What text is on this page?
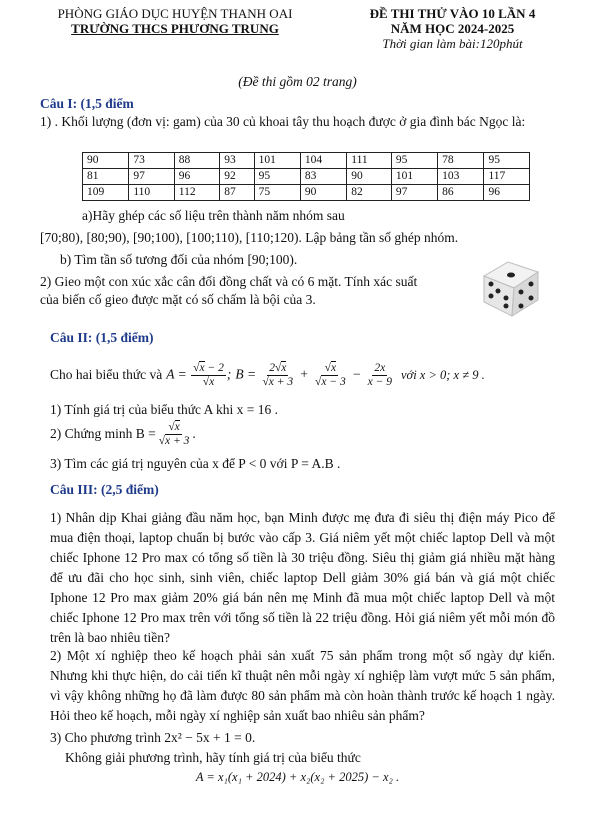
PHÒNG GIÁO DỤC HUYỆN THANH OAI
TRƯỜNG THCS PHƯƠNG TRUNG
ĐỀ THI THỬ VÀO 10 LẦN 4
NĂM HỌC 2024-2025
Thời gian làm bài:120phút
(Đề thi gồm 02 trang)
Câu I: (1,5 điểm
1) . Khối lượng (đơn vị: gam) của 30 củ khoai tây thu hoạch được ở gia đình bác Ngọc là:
90	73	88	93	101	104	111	95	78	95
81	97	96	92	95	83	90	101	103	117
109	110	112	87	75	90	82	97	86	96
a)Hãy ghép các số liệu trên thành năm nhóm sau
[70;80), [80;90), [90;100), [100;110), [110;120). Lập bảng tần số ghép nhóm.
b) Tìm tần số tương đối của nhóm [90;100).
2) Gieo một con xúc xắc cân đối đồng chất và có 6 mặt. Tính xác suất
của biến cố gieo được mặt có số chấm là bội của 3.
Câu II: (1,5 điểm)
Cho hai biểu thức và $A = \frac{√x - 2}{√x}$ ; $B = \frac{2√x}{√x + 3} + \frac{√x}{√x - 3} - \frac{2x}{x - 9}$ với x > 0; x ≠ 9 .
1) Tính giá trị của biểu thức A khi x = 16 .
2) Chứng minh $B = \frac{√x}{√x + 3}$ .
3) Tìm các giá trị nguyên của x để P < 0 với P = A.B .
Câu III: (2,5 điểm)
1) Nhân dịp Khai giảng đầu năm học, bạn Minh được mẹ đưa đi siêu thị điện máy Pico để mua điện thoại, laptop chuẩn bị bước vào cấp 3. Giá niêm yết một chiếc laptop Dell và một chiếc Iphone 12 Pro max có tổng số tiền là 30 triệu đồng. Siêu thị giảm giá nhiều mặt hàng để ưu đãi cho học sinh, sinh viên, chiếc laptop Dell giảm 30% giá bán và giá một chiếc Iphone 12 Pro max giảm 20% giá bán nên mẹ Minh đã mua một chiếc laptop Dell và một chiếc Iphone 12 Pro max trên với tổng số tiền là 22 triệu đồng. Hỏi giá niêm yết mỗi món đồ trên là bao nhiêu tiền?
2) Một xí nghiệp theo kế hoạch phải sản xuất 75 sản phẩm trong một số ngày dự kiến. Nhưng khi thực hiện, do cải tiến kĩ thuật nên mỗi ngày xí nghiệp làm vượt mức 5 sản phẩm, vì vậy không những họ đã làm được 80 sản phẩm mà còn hoàn thành trước kế hoạch 1 ngày. Hỏi theo kế hoạch, mỗi ngày xí nghiệp sản xuất bao nhiêu sản phẩm?
3) Cho phương trình 2x² − 5x + 1 = 0.
Không giải phương trình, hãy tính giá trị của biểu thức
A = x₁(x₁ + 2024) + x₂(x₂ + 2025) − x₂ .
